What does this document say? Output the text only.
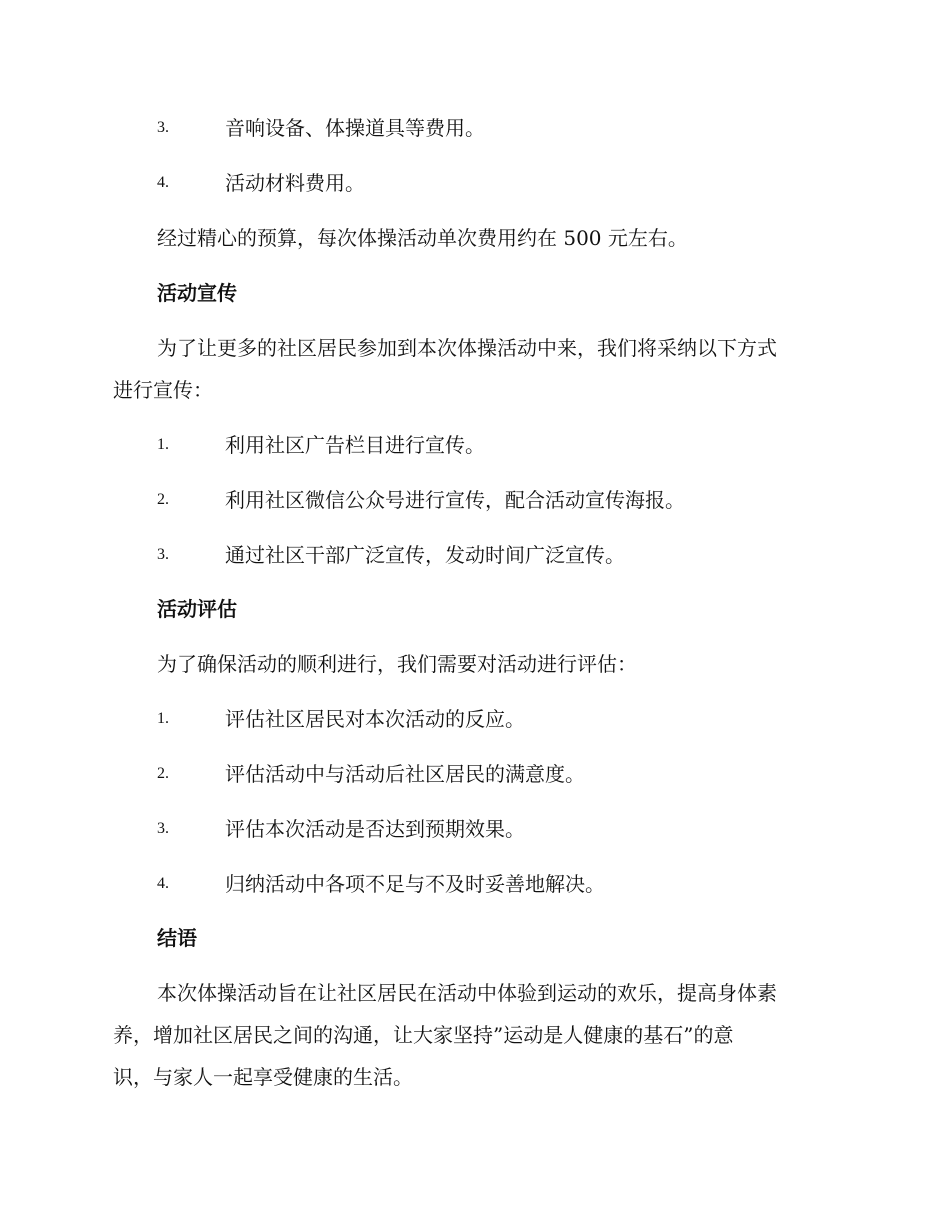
3.	音响设备、体操道具等费用。
4.	活动材料费用。
经过精心的预算，每次体操活动单次费用约在 500 元左右。
活动宣传
为了让更多的社区居民参加到本次体操活动中来，我们将采纳以下方式
进行宣传：
1.	利用社区广告栏目进行宣传。
2.	利用社区微信公众号进行宣传，配合活动宣传海报。
3.	通过社区干部广泛宣传，发动时间广泛宣传。
活动评估
为了确保活动的顺利进行，我们需要对活动进行评估：
1.	评估社区居民对本次活动的反应。
2.	评估活动中与活动后社区居民的满意度。
3.	评估本次活动是否达到预期效果。
4.	归纳活动中各项不足与不及时妥善地解决。
结语
本次体操活动旨在让社区居民在活动中体验到运动的欢乐，提高身体素
养，增加社区居民之间的沟通，让大家坚持”运动是人健康的基石”的意
识，与家人一起享受健康的生活。
